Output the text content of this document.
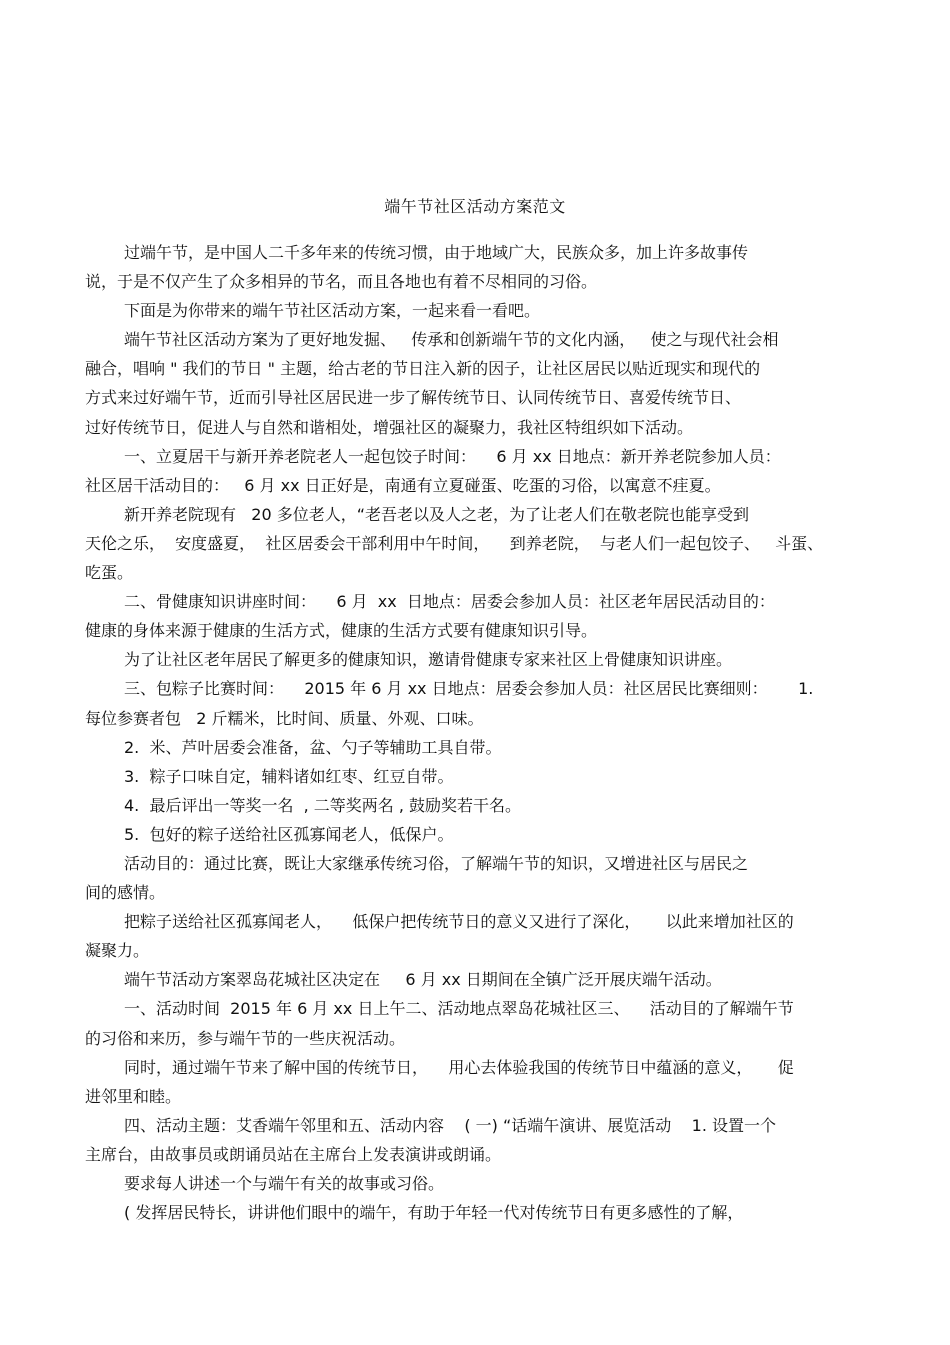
端午节社区活动方案范文
过端午节，是中国人二千多年来的传统习惯，由于地域广大，民族众多，加上许多故事传
说，于是不仅产生了众多相异的节名，而且各地也有着不尽相同的习俗。
下面是为你带来的端午节社区活动方案，一起来看一看吧。
端午节社区活动方案为了更好地发掘、   传承和创新端午节的文化内涵，   使之与现代社会相
融合，唱响 " 我们的节日 " 主题，给古老的节日注入新的因子，让社区居民以贴近现实和现代的
方式来过好端午节，近而引导社区居民进一步了解传统节日、认同传统节日、喜爱传统节日、
过好传统节日，促进人与自然和谐相处，增强社区的凝聚力，我社区特组织如下活动。
一、立夏居干与新开养老院老人一起包饺子时间：    6 月 xx 日地点：新开养老院参加人员：
社区居干活动目的：   6 月 xx 日正好是，南通有立夏碰蛋、吃蛋的习俗，以寓意不疰夏。
新开养老院现有   20 多位老人，“老吾老以及人之老，为了让老人们在敬老院也能享受到
天伦之乐，  安度盛夏，  社区居委会干部利用中午时间，    到养老院，  与老人们一起包饺子、   斗蛋、
吃蛋。
二、骨健康知识讲座时间：    6 月  xx  日地点：居委会参加人员：社区老年居民活动目的：
健康的身体来源于健康的生活方式，健康的生活方式要有健康知识引导。
为了让社区老年居民了解更多的健康知识，邀请骨健康专家来社区上骨健康知识讲座。
三、包粽子比赛时间：    2015 年 6 月 xx 日地点：居委会参加人员：社区居民比赛细则：      1.
每位参赛者包   2 斤糯米，比时间、质量、外观、口味。
2.  米、芦叶居委会准备，盆、勺子等辅助工具自带。
3.  粽子口味自定，辅料诸如红枣、红豆自带。
4.  最后评出一等奖一名  , 二等奖两名 , 鼓励奖若干名。
5.  包好的粽子送给社区孤寡闻老人，低保户。
活动目的：通过比赛，既让大家继承传统习俗，了解端午节的知识，又增进社区与居民之
间的感情。
把粽子送给社区孤寡闻老人，    低保户把传统节日的意义又进行了深化，     以此来增加社区的
凝聚力。
端午节活动方案翠岛花城社区决定在     6 月 xx 日期间在全镇广泛开展庆端午活动。
一、活动时间  2015 年 6 月 xx 日上午二、活动地点翠岛花城社区三、    活动目的了解端午节
的习俗和来历，参与端午节的一些庆祝活动。
同时，通过端午节来了解中国的传统节日，    用心去体验我国的传统节日中蕴涵的意义，     促
进邻里和睦。
四、活动主题：艾香端午邻里和五、活动内容    ( 一) “话端午演讲、展览活动    1. 设置一个
主席台，由故事员或朗诵员站在主席台上发表演讲或朗诵。
要求每人讲述一个与端午有关的故事或习俗。
( 发挥居民特长，讲讲他们眼中的端午，有助于年轻一代对传统节日有更多感性的了解，
